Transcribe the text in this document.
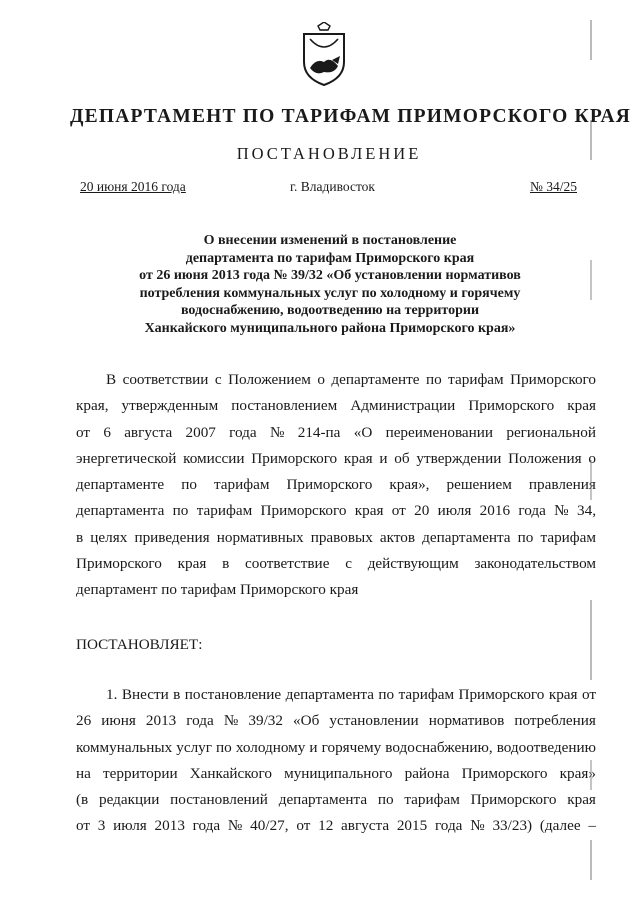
ДЕПАРТАМЕНТ ПО ТАРИФАМ ПРИМОРСКОГО КРАЯ
ПОСТАНОВЛЕНИЕ
20 июня 2016 года	г. Владивосток	№ 34/25
О внесении изменений в постановление
департамента по тарифам Приморского края
от 26 июня 2013 года № 39/32 «Об установлении нормативов
потребления коммунальных услуг по холодному и горячему
водоснабжению, водоотведению на территории
Ханкайского муниципального района Приморского края»
В соответствии с Положением о департаменте по тарифам Приморского
края, утвержденным постановлением Администрации Приморского края
от 6 августа 2007 года № 214-па «О переименовании региональной
энергетической комиссии Приморского края и об утверждении Положения о
департаменте по тарифам Приморского края», решением правления
департамента по тарифам Приморского края от 20 июля 2016 года № 34,
в целях приведения нормативных правовых актов департамента по тарифам
Приморского края в соответствие с действующим законодательством
департамент по тарифам Приморского края
ПОСТАНОВЛЯЕТ:
1. Внести в постановление департамента по тарифам Приморского края от
26 июня 2013 года № 39/32 «Об установлении нормативов потребления
коммунальных услуг по холодному и горячему водоснабжению, водоотведению
на территории Ханкайского муниципального района Приморского края»
(в редакции постановлений департамента по тарифам Приморского края
от 3 июля 2013 года № 40/27, от 12 августа 2015 года № 33/23) (далее –
